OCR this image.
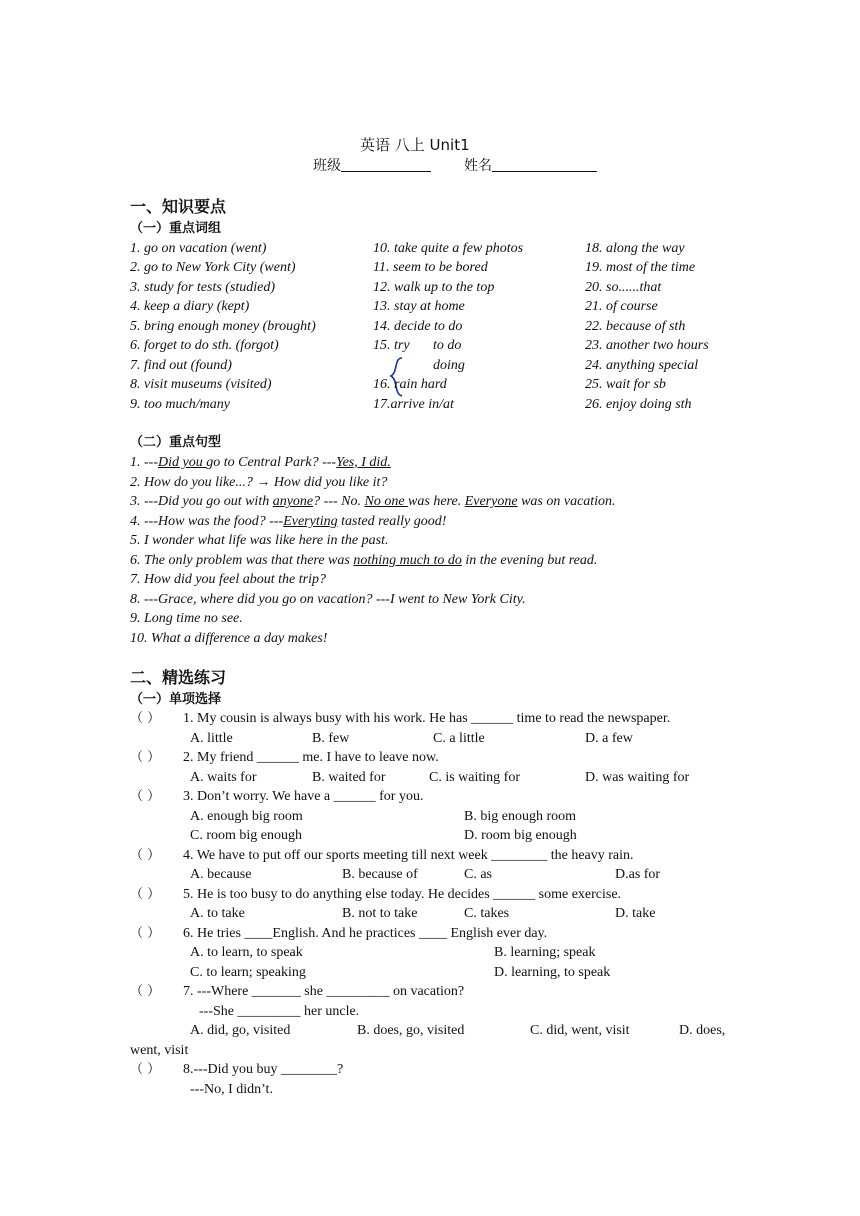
英语 八上 Unit1
班级	姓名
一、知识要点
（一）重点词组
1. go on vacation (went)
2. go to New York City (went)
3. study for tests (studied)
4. keep a diary (kept)
5. bring enough money (brought)
6. forget to do sth. (forgot)
7. find out (found)
8. visit museums (visited)
9. too much/many
10. take quite a few photos
11. seem to be bored
12. walk up to the top
13. stay at home
14. decide to do
15. try to do
doing
16. rain hard
17.arrive in/at
18. along the way
19. most of the time
20. so......that
21. of course
22. because of sth
23. another two hours
24. anything special
25. wait for sb
26. enjoy doing sth
（二）重点句型
1. ---Did you go to Central Park? ---Yes, I did.
2. How do you like...? → How did you like it?
3. ---Did you go out with anyone? --- No. No one was here. Everyone was on vacation.
4. ---How was the food? ---Everyting tasted really good!
5. I wonder what life was like here in the past.
6. The only problem was that there was nothing much to do in the evening but read.
7. How did you feel about the trip?
8. ---Grace, where did you go on vacation? ---I went to New York City.
9. Long time no see.
10. What a difference a day makes!
二、精选练习
（一）单项选择
（ ） 1. My cousin is always busy with his work. He has ______ time to read the newspaper.
A. little	B. few	C. a little	D. a few
（ ） 2. My friend ______ me. I have to leave now.
A. waits for	B. waited for	C. is waiting for	D. was waiting for
（ ） 3. Don’t worry. We have a ______ for you.
A. enough big room	B. big enough room
C. room big enough	D. room big enough
（ ） 4. We have to put off our sports meeting till next week ________ the heavy rain.
A. because	B. because of	C. as	D.as for
（ ） 5. He is too busy to do anything else today. He decides ______ some exercise.
A. to take	B. not to take	C. takes	D. take
（ ） 6. He tries ____English. And he practices ____ English ever day.
A. to learn, to speak	B. learning; speak
C. to learn; speaking	D. learning, to speak
（ ） 7. ---Where _______ she _________ on vacation?
---She _________ her uncle.
A. did, go, visited	B. does, go, visited	C. did, went, visit	D. does,
went, visit
（ ） 8.---Did you buy ________?
---No, I didn’t.
